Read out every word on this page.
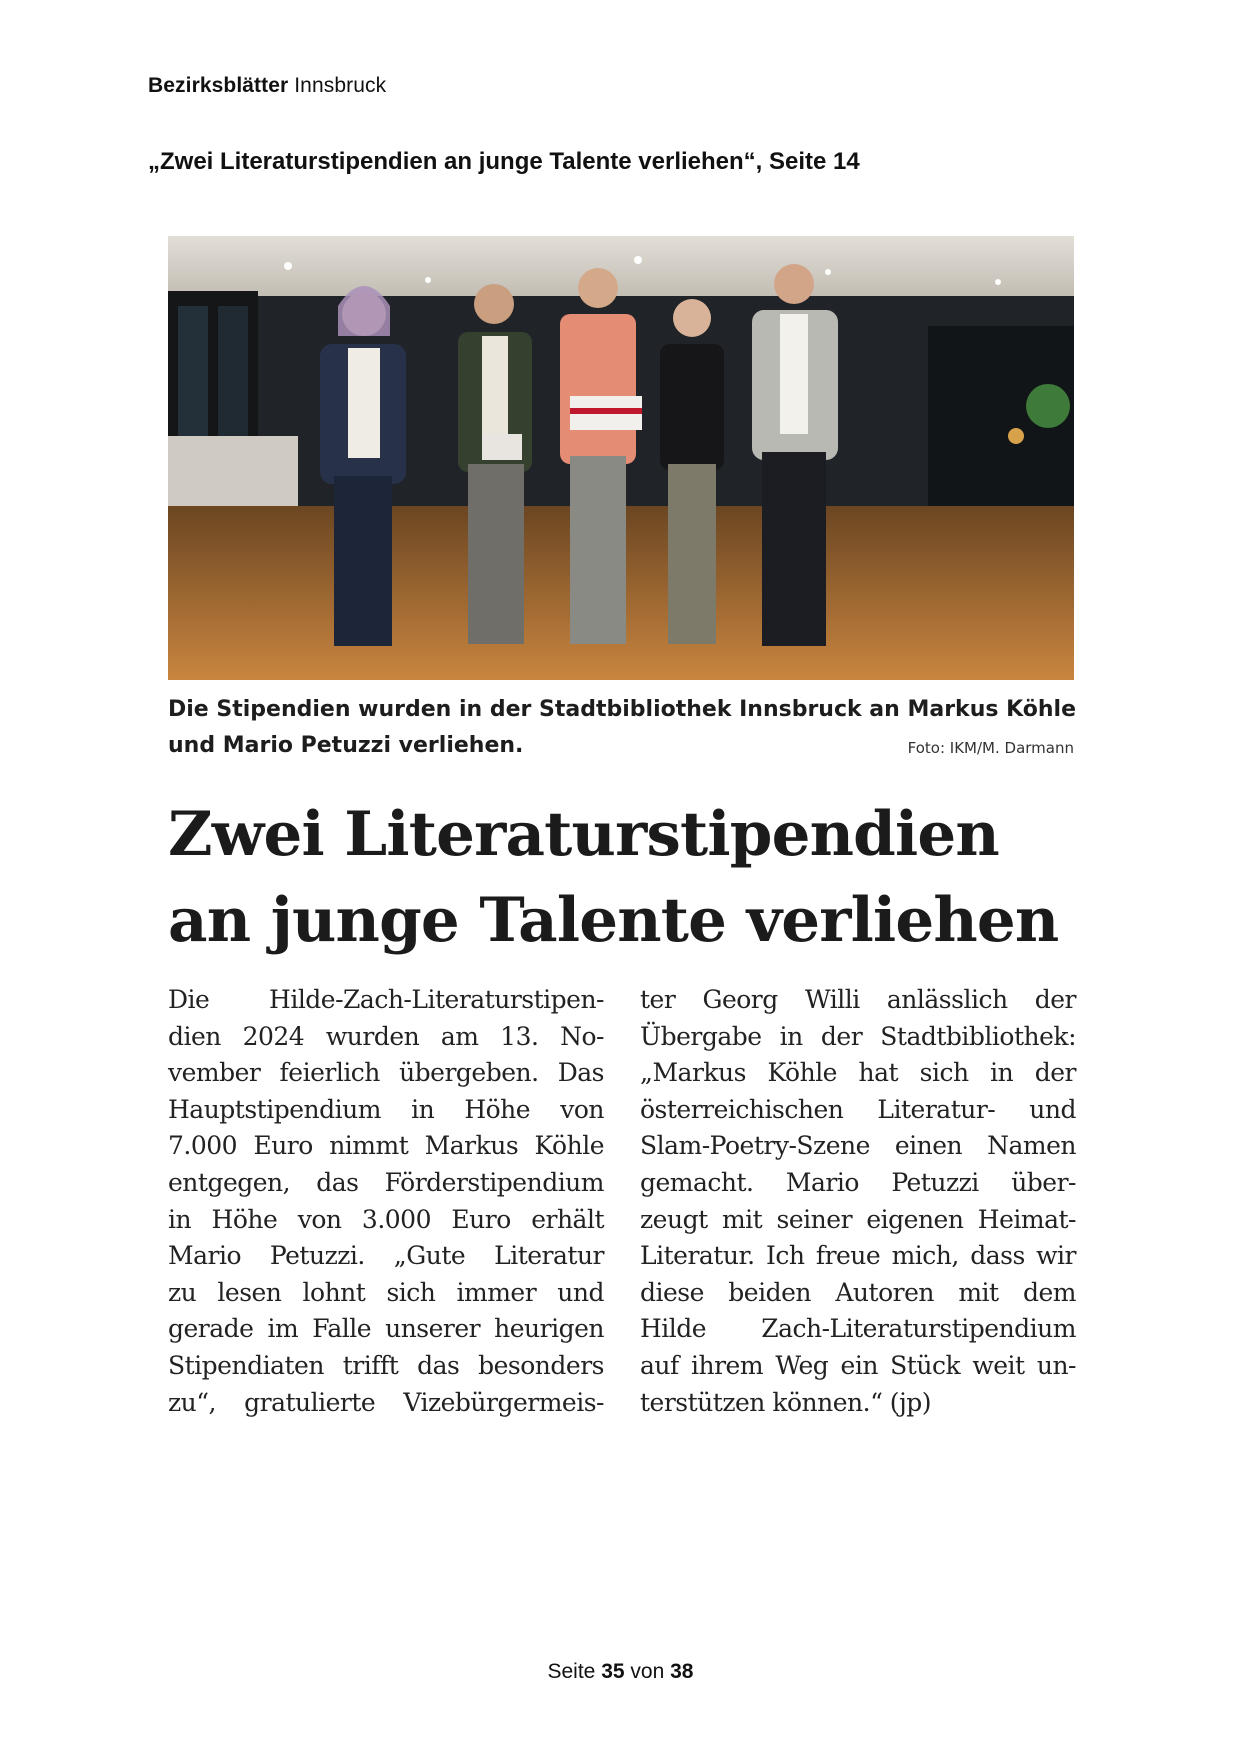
Bezirksblätter Innsbruck
„Zwei Literaturstipendien an junge Talente verliehen“, Seite 14
Die Stipendien wurden in der Stadtbibliothek Innsbruck an Markus Köhle
und Mario Petuzzi verliehen.	Foto: IKM/M. Darmann
Zwei Literaturstipendien
an junge Talente verliehen
Die Hilde-Zach-Literaturstipen-
dien 2024 wurden am 13. No-
vember feierlich übergeben. Das
Hauptstipendium in Höhe von
7.000 Euro nimmt Markus Köhle
entgegen, das Förderstipendium
in Höhe von 3.000 Euro erhält
Mario Petuzzi. „Gute Literatur
zu lesen lohnt sich immer und
gerade im Falle unserer heurigen
Stipendiaten trifft das besonders
zu“, gratulierte Vizebürgermeis-
ter Georg Willi anlässlich der
Übergabe in der Stadtbibliothek:
„Markus Köhle hat sich in der
österreichischen Literatur- und
Slam-Poetry-Szene einen Namen
gemacht. Mario Petuzzi über-
zeugt mit seiner eigenen Heimat-
Literatur. Ich freue mich, dass wir
diese beiden Autoren mit dem
Hilde Zach-Literaturstipendium
auf ihrem Weg ein Stück weit un-
terstützen können.“ (jp)
Seite 35 von 38
